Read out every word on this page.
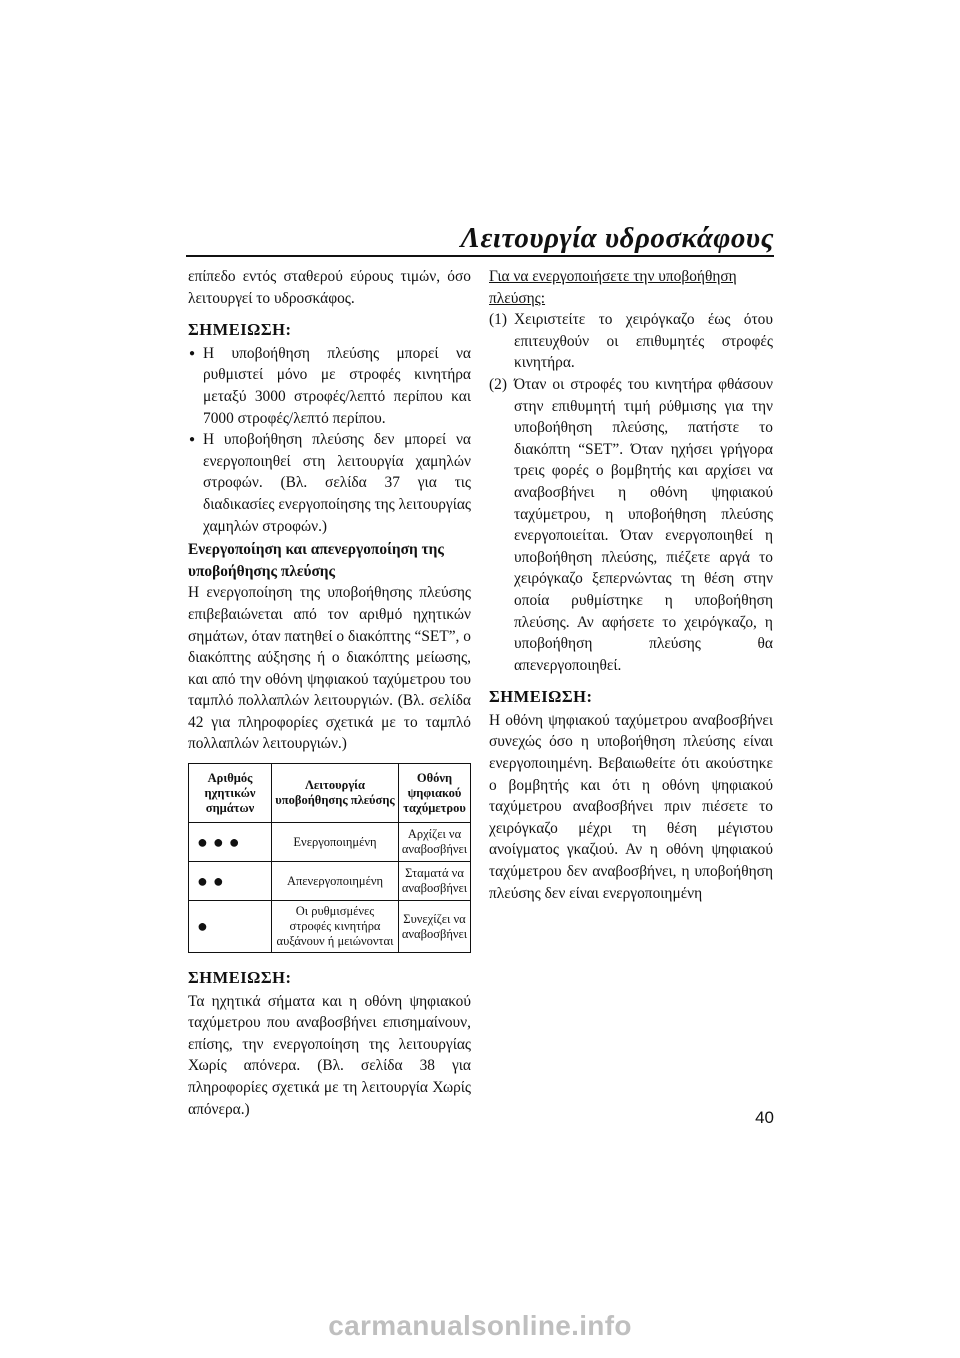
Λειτουργία υδροσκάφους

επίπεδο εντός σταθερού εύρους τιμών, όσο λειτουργεί το υδροσκάφος.

ΣΗΜΕΙΩΣΗ:
● Η υποβοήθηση πλεύσης μπορεί να ρυθμιστεί μόνο με στροφές κινητήρα μεταξύ 3000 στροφές/λεπτό περίπου και 7000 στροφές/λεπτό περίπου.
● Η υποβοήθηση πλεύσης δεν μπορεί να ενεργοποιηθεί στη λειτουργία χαμηλών στροφών. (Βλ. σελίδα 37 για τις διαδικασίες ενεργοποίησης της λειτουργίας χαμηλών στροφών.)
Ενεργοποίηση και απενεργοποίηση της υποβοήθησης πλεύσης

Η ενεργοποίηση της υποβοήθησης πλεύσης επιβεβαιώνεται από τον αριθμό ηχητικών σημάτων, όταν πατηθεί ο διακόπτης “SET”, ο διακόπτης αύξησης ή ο διακόπτης μείωσης, και από την οθόνη ψηφιακού ταχύμετρου του ταμπλό πολλαπλών λειτουργιών. (Βλ. σελίδα 42 για πληροφορίες σχετικά με το ταμπλό πολλαπλών λειτουργιών.)

Αριθμός ηχητικών σημάτων	Λειτουργία υποβοήθησης πλεύσης	Οθόνη ψηφιακού ταχύμετρου
●●●	Ενεργοποιημένη	Αρχίζει να αναβοσβήνει
●●	Απενεργοποιημένη	Σταματά να αναβοσβήνει
●	Οι ρυθμισμένες στροφές κινητήρα αυξάνουν ή μειώνονται	Συνεχίζει να αναβοσβήνει
ΣΗΜΕΙΩΣΗ:

Τα ηχητικά σήματα και η οθόνη ψηφιακού ταχύμετρου που αναβοσβήνει επισημαίνουν, επίσης, την ενεργοποίηση της λειτουργίας Χωρίς απόνερα. (Βλ. σελίδα 38 για πληροφορίες σχετικά με τη λειτουργία Χωρίς απόνερα.)

Για να ενεργοποιήσετε την υποβοήθηση πλεύσης:

(1) Χειριστείτε το χειρόγκαζο έως ότου επιτευχθούν οι επιθυμητές στροφές κινητήρα.
(2) Όταν οι στροφές του κινητήρα φθάσουν στην επιθυμητή τιμή ρύθμισης για την υποβοήθηση πλεύσης, πατήστε το διακόπτη “SET”. Όταν ηχήσει γρήγορα τρεις φορές ο βομβητής και αρχίσει να αναβοσβήνει η οθόνη ψηφιακού ταχύμετρου, η υποβοήθηση πλεύσης ενεργοποιείται. Όταν ενεργοποιηθεί η υποβοήθηση πλεύσης, πιέζετε αργά το χειρόγκαζο ξεπερνώντας τη θέση στην οποία ρυθμίστηκε η υποβοήθηση πλεύσης. Αν αφήσετε το χειρόγκαζο, η υποβοήθηση πλεύσης θα απενεργοποιηθεί.
ΣΗΜΕΙΩΣΗ:

Η οθόνη ψηφιακού ταχύμετρου αναβοσβήνει συνεχώς όσο η υποβοήθηση πλεύσης είναι ενεργοποιημένη. Βεβαιωθείτε ότι ακούστηκε ο βομβητής και ότι η οθόνη ψηφιακού ταχύμετρου αναβοσβήνει πριν πιέσετε το χειρόγκαζο μέχρι τη θέση μέγιστου ανοίγματος γκαζιού. Αν η οθόνη ψηφιακού ταχύμετρου δεν αναβοσβήνει, η υποβοήθηση πλεύσης δεν είναι ενεργοποιημένη

40
carmanualsonline.info
